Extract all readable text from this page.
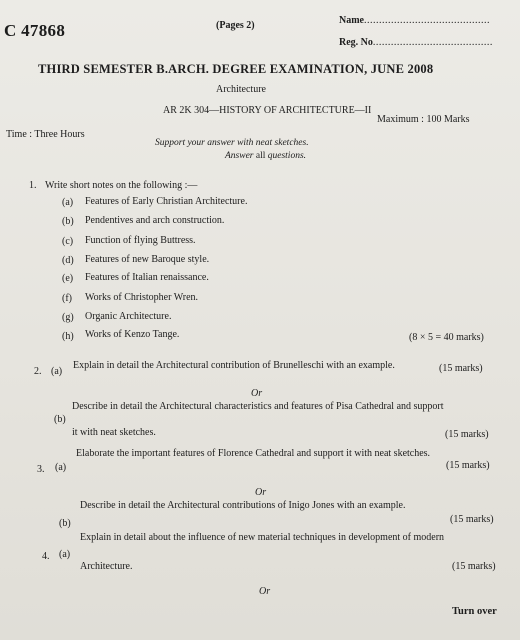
C 47868	(Pages 2)	Name..........................................
Reg. No........................................
THIRD SEMESTER B.ARCH. DEGREE EXAMINATION, JUNE 2008
Architecture
AR 2K 304—HISTORY OF ARCHITECTURE—II
Maximum : 100 Marks
Time : Three Hours
Support your answer with neat sketches.
Answer all questions.
1. Write short notes on the following :—
(a) Features of Early Christian Architecture.
(b) Pendentives and arch construction.
(c) Function of flying Buttress.
(d) Features of new Baroque style.
(e) Features of Italian renaissance.
(f) Works of Christopher Wren.
(g) Organic Architecture.
(h) Works of Kenzo Tange.	(8 × 5 = 40 marks)
2. (a)
Explain in detail the Architectural contribution of Brunelleschi with an example.	(15 marks)
Or
(b)
Describe in detail the Architectural characteristics and features of Pisa Cathedral and support
it with neat sketches.	(15 marks)
3. (a)
Elaborate the important features of Florence Cathedral and support it with neat sketches.
(15 marks)
Or
(b)
Describe in detail the Architectural contributions of Inigo Jones with an example.
(15 marks)
4. (a)
Explain in detail about the influence of new material techniques in development of modern
Architecture.	(15 marks)
Or
Turn over
